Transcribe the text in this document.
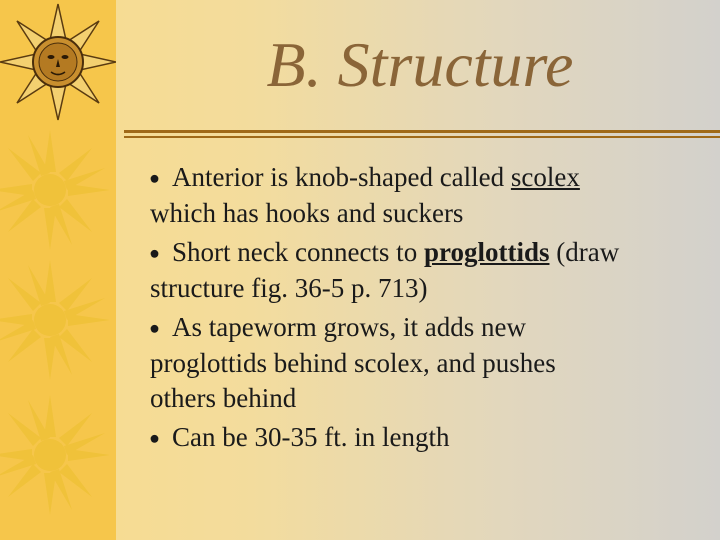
B. Structure
⦁ Anterior is knob-shaped called scolex
which has hooks and suckers
⦁ Short neck connects to proglottids (draw
structure fig. 36-5 p. 713)
⦁ As tapeworm grows, it adds new
proglottids behind scolex, and pushes
others behind
⦁ Can be 30-35 ft. in length
